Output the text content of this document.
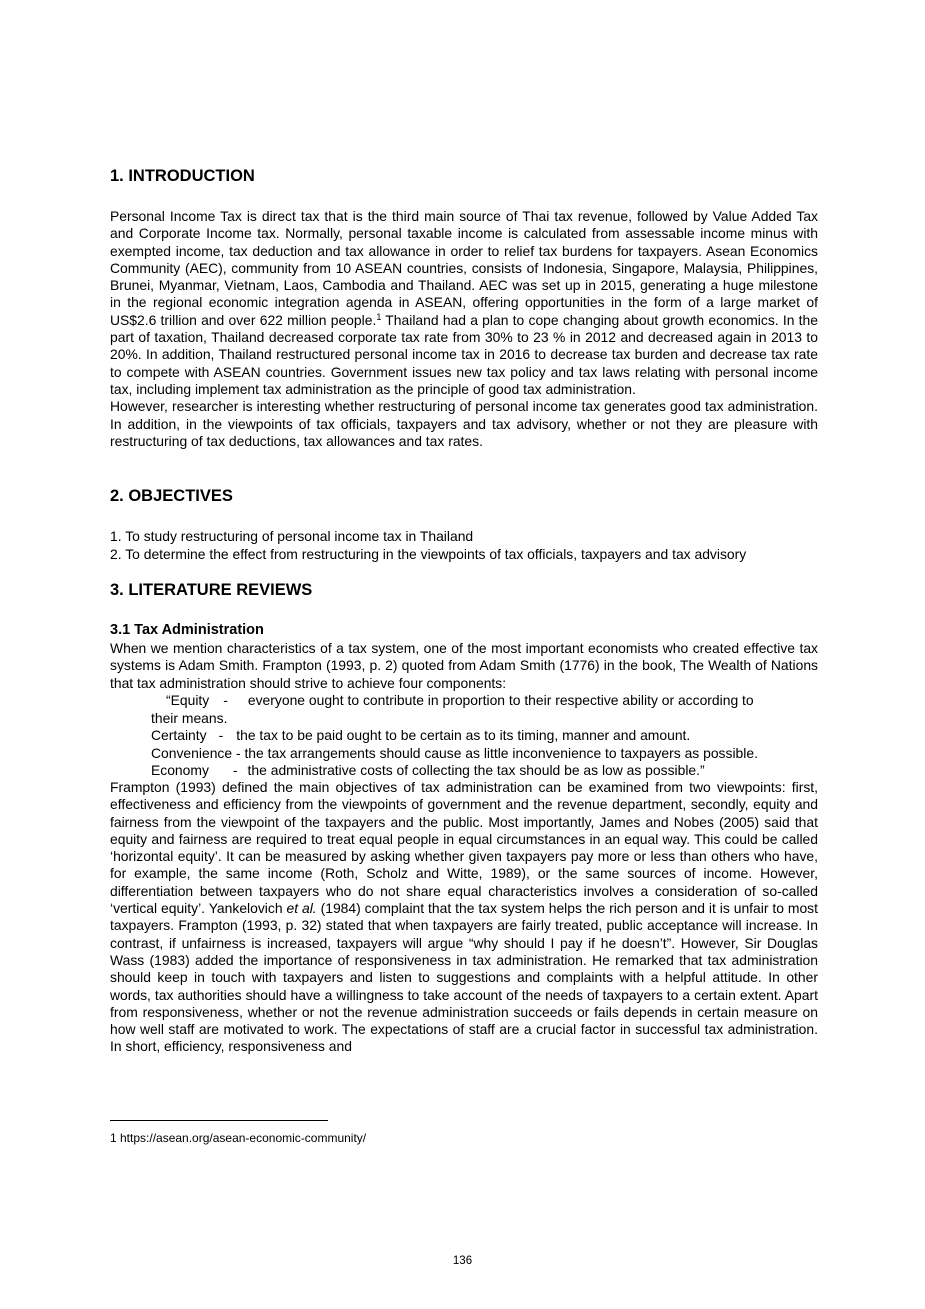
1. INTRODUCTION

Personal Income Tax is direct tax that is the third main source of Thai tax revenue, followed by Value Added Tax and Corporate Income tax. Normally, personal taxable income is calculated from assessable income minus with exempted income, tax deduction and tax allowance in order to relief tax burdens for taxpayers. Asean Economics Community (AEC), community from 10 ASEAN countries, consists of Indonesia, Singapore, Malaysia, Philippines, Brunei, Myanmar, Vietnam, Laos, Cambodia and Thailand. AEC was set up in 2015, generating a huge milestone in the regional economic integration agenda in ASEAN, offering opportunities in the form of a large market of US$2.6 trillion and over 622 million people.$^1$ Thailand had a plan to cope changing about growth economics. In the part of taxation, Thailand decreased corporate tax rate from 30% to 23 % in 2012 and decreased again in 2013 to 20%. In addition, Thailand restructured personal income tax in 2016 to decrease tax burden and decrease tax rate to compete with ASEAN countries. Government issues new tax policy and tax laws relating with personal income tax, including implement tax administration as the principle of good tax administration.

However, researcher is interesting whether restructuring of personal income tax generates good tax administration. In addition, in the viewpoints of tax officials, taxpayers and tax advisory, whether or not they are pleasure with restructuring of tax deductions, tax allowances and tax rates.

2. OBJECTIVES
1. To study restructuring of personal income tax in Thailand
2. To determine the effect from restructuring in the viewpoints of tax officials, taxpayers and tax advisory
3. LITERATURE REVIEWS
3.1 Tax Administration
When we mention characteristics of a tax system, one of the most important economists who created effective tax systems is Adam Smith. Frampton (1993, p. 2) quoted from Adam Smith (1776) in the book, The Wealth of Nations that tax administration should strive to achieve four components:
“Equity - everyone ought to contribute in proportion to their respective ability or according to
their means.
Certainty - the tax to be paid ought to be certain as to its timing, manner and amount.
Convenience - the tax arrangements should cause as little inconvenience to taxpayers as possible.
Economy - the administrative costs of collecting the tax should be as low as possible.”

Frampton (1993) defined the main objectives of tax administration can be examined from two viewpoints: first, effectiveness and efficiency from the viewpoints of government and the revenue department, secondly, equity and fairness from the viewpoint of the taxpayers and the public. Most importantly, James and Nobes (2005) said that equity and fairness are required to treat equal people in equal circumstances in an equal way. This could be called ‘horizontal equity’. It can be measured by asking whether given taxpayers pay more or less than others who have, for example, the same income (Roth, Scholz and Witte, 1989), or the same sources of income. However, differentiation between taxpayers who do not share equal characteristics involves a consideration of so-called ‘vertical equity’. Yankelovich et al. (1984) complaint that the tax system helps the rich person and it is unfair to most taxpayers. Frampton (1993, p. 32) stated that when taxpayers are fairly treated, public acceptance will increase. In contrast, if unfairness is increased, taxpayers will argue “why should I pay if he doesn’t”. However, Sir Douglas Wass (1983) added the importance of responsiveness in tax administration. He remarked that tax administration should keep in touch with taxpayers and listen to suggestions and complaints with a helpful attitude. In other words, tax authorities should have a willingness to take account of the needs of taxpayers to a certain extent. Apart from responsiveness, whether or not the revenue administration succeeds or fails depends in certain measure on how well staff are motivated to work. The expectations of staff are a crucial factor in successful tax administration. In short, efficiency, responsiveness and

1 https://asean.org/asean-economic-community/
136
